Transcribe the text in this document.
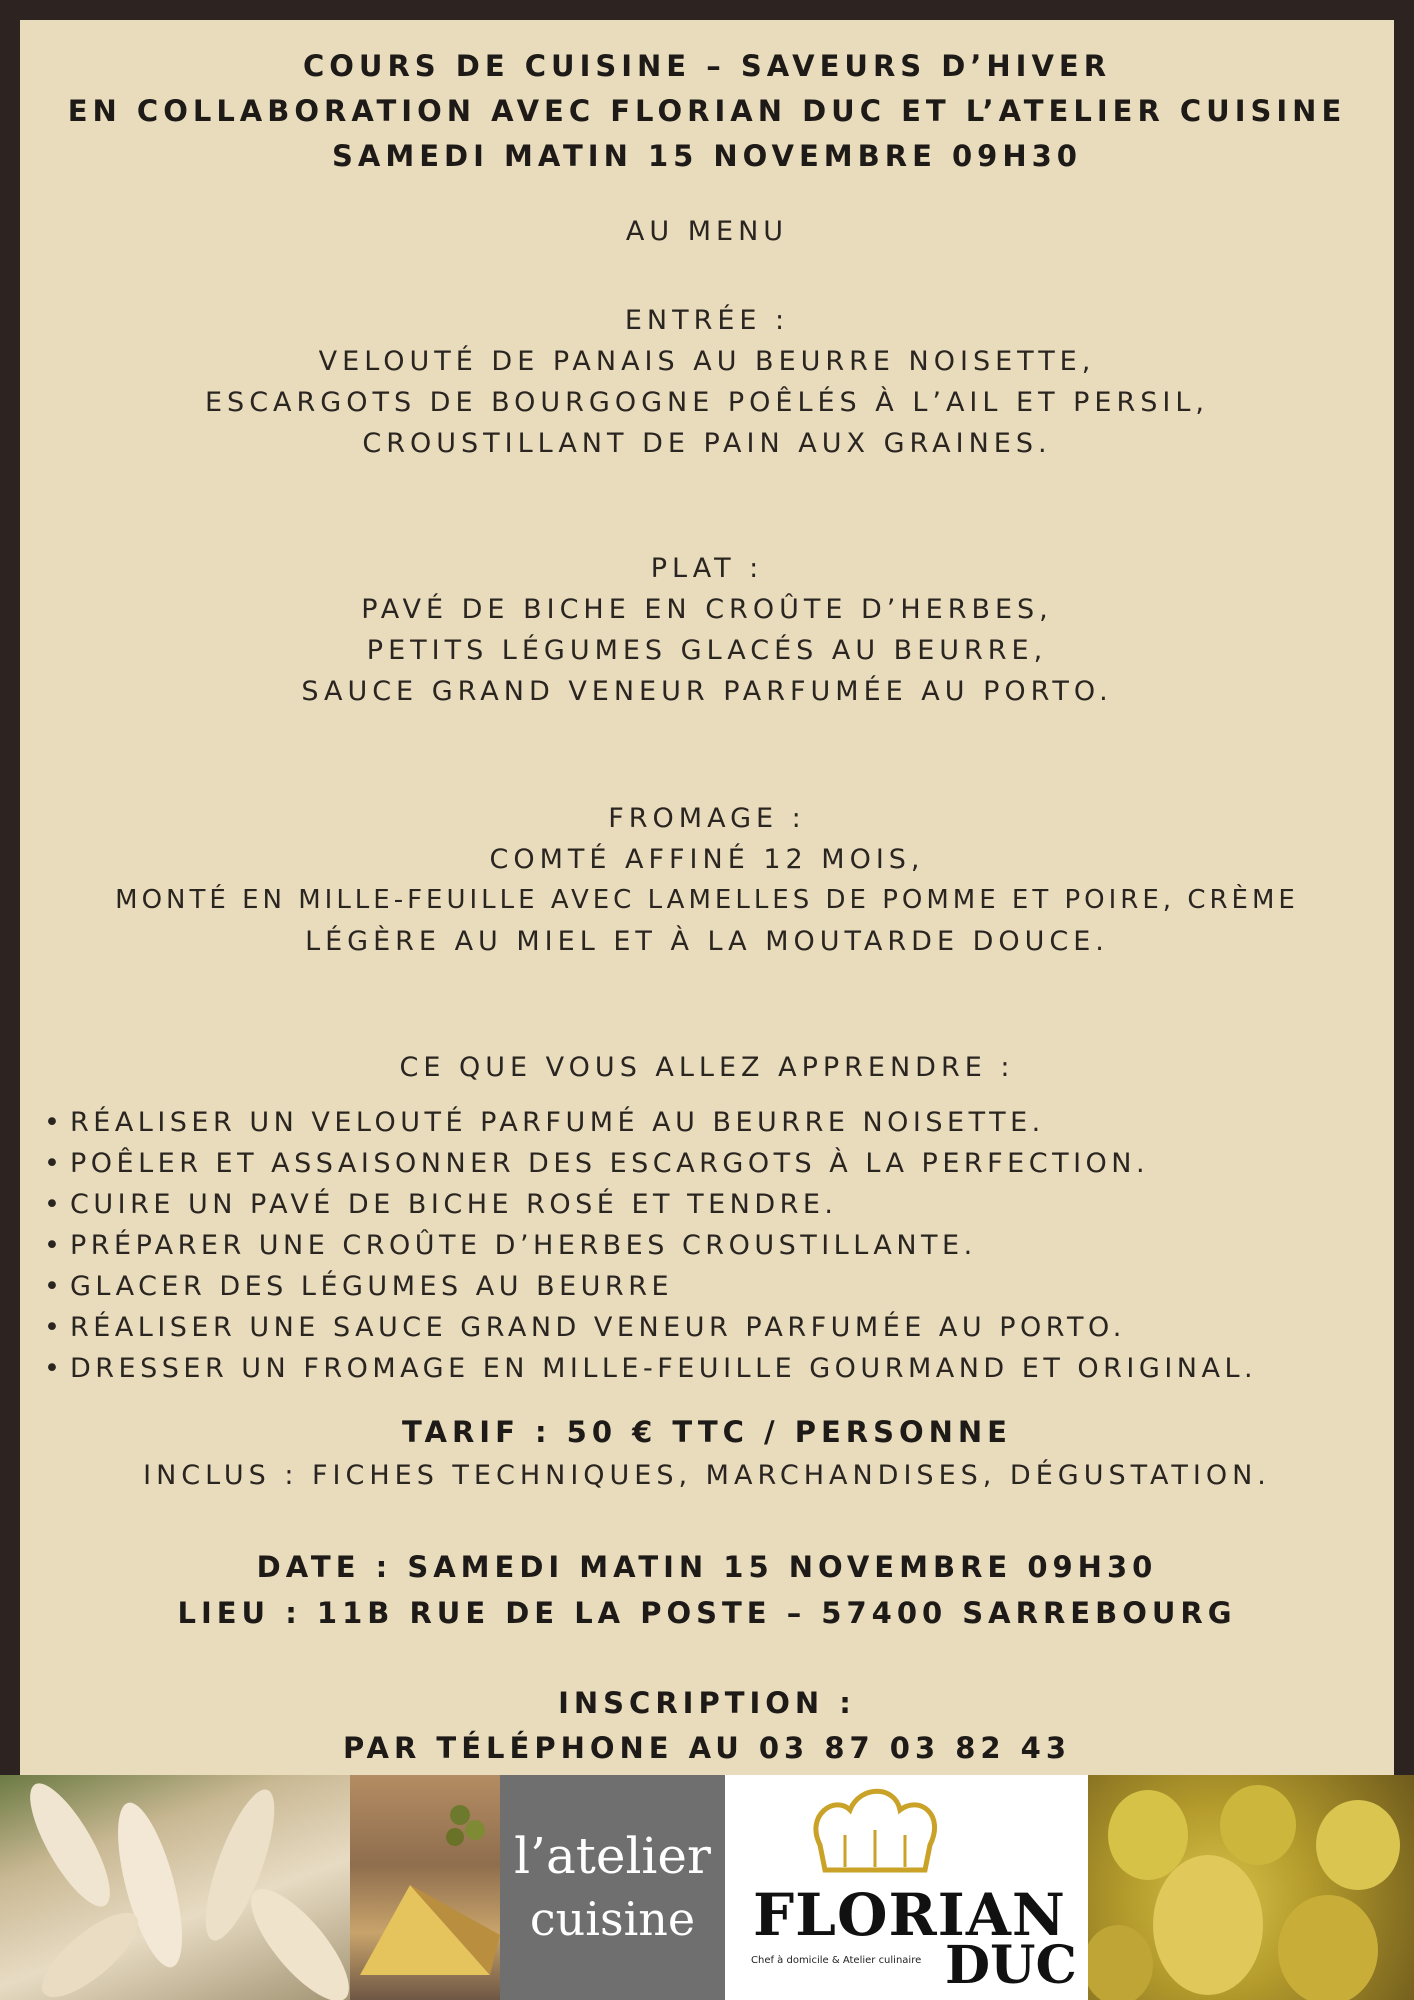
COURS DE CUISINE – SAVEURS D’HIVER
EN COLLABORATION AVEC FLORIAN DUC ET L’ATELIER CUISINE
SAMEDI MATIN 15 NOVEMBRE 09H30
AU MENU
ENTRÉE :
VELOUTÉ DE PANAIS AU BEURRE NOISETTE,
ESCARGOTS DE BOURGOGNE POÊLÉS À L’AIL ET PERSIL,
CROUSTILLANT DE PAIN AUX GRAINES.
PLAT :
PAVÉ DE BICHE EN CROÛTE D’HERBES,
PETITS LÉGUMES GLACÉS AU BEURRE,
SAUCE GRAND VENEUR PARFUMÉE AU PORTO.
FROMAGE :
COMTÉ AFFINÉ 12 MOIS,
MONTÉ EN MILLE-FEUILLE AVEC LAMELLES DE POMME ET POIRE, CRÈME
LÉGÈRE AU MIEL ET À LA MOUTARDE DOUCE.
CE QUE VOUS ALLEZ APPRENDRE :
• RÉALISER UN VELOUTÉ PARFUMÉ AU BEURRE NOISETTE.
• POÊLER ET ASSAISONNER DES ESCARGOTS À LA PERFECTION.
• CUIRE UN PAVÉ DE BICHE ROSÉ ET TENDRE.
• PRÉPARER UNE CROÛTE D’HERBES CROUSTILLANTE.
• GLACER DES LÉGUMES AU BEURRE
• RÉALISER UNE SAUCE GRAND VENEUR PARFUMÉE AU PORTO.
• DRESSER UN FROMAGE EN MILLE-FEUILLE GOURMAND ET ORIGINAL.
TARIF : 50 € TTC / PERSONNE
INCLUS : FICHES TECHNIQUES, MARCHANDISES, DÉGUSTATION.
DATE : SAMEDI MATIN 15 NOVEMBRE 09H30
LIEU : 11B RUE DE LA POSTE – 57400 SARREBOURG
INSCRIPTION :
PAR TÉLÉPHONE AU 03 87 03 82 43
l’atelier
cuisine FLORIAN
DUC
Chef à domicile & Atelier culinaire
